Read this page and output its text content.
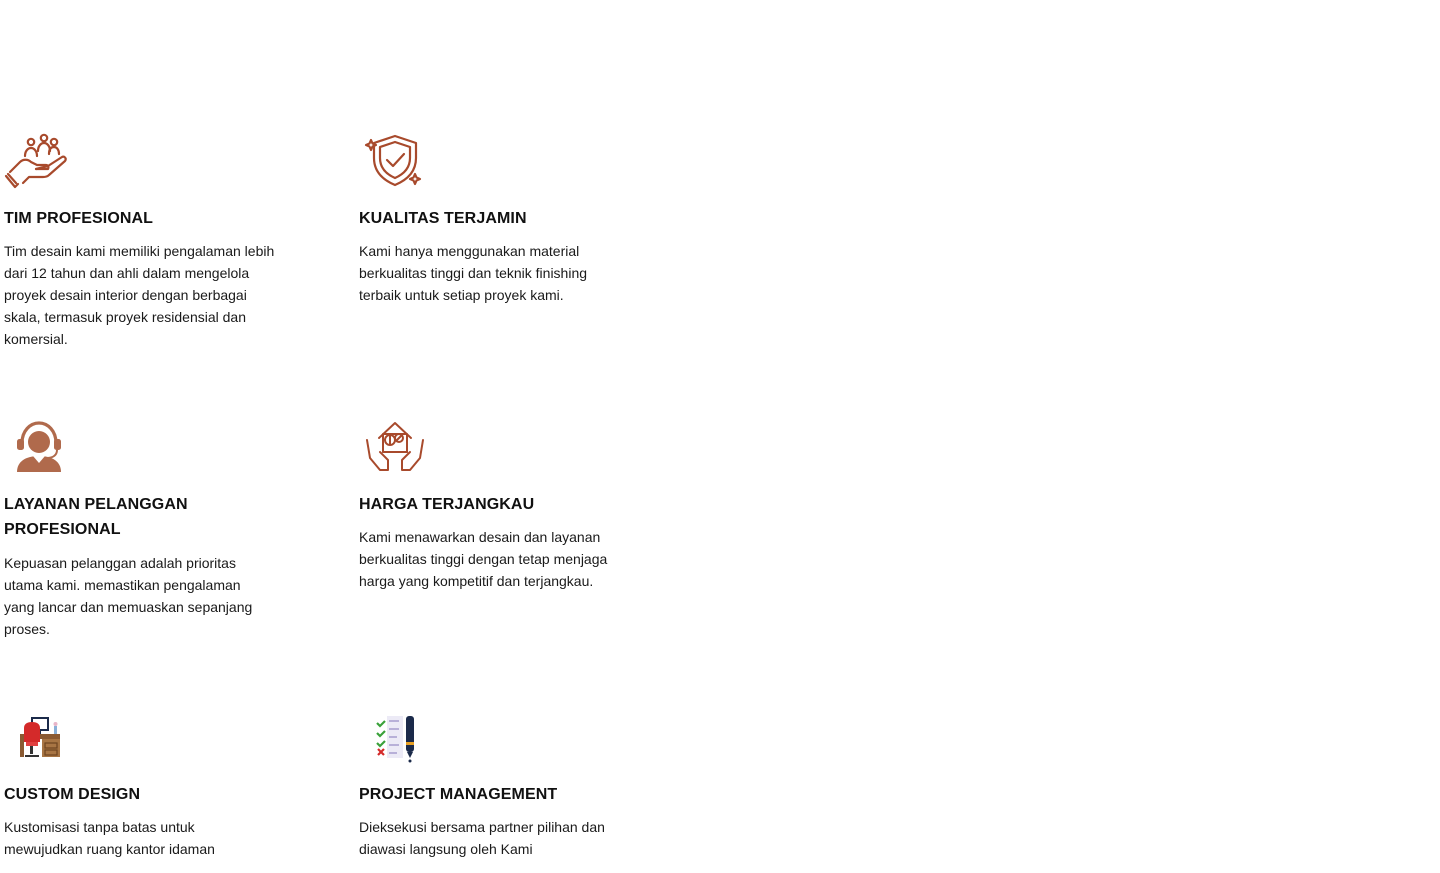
TIM PROFESIONAL

Tim desain kami memiliki pengalaman lebih dari 12 tahun dan ahli dalam mengelola proyek desain interior dengan berbagai skala, termasuk proyek residensial dan komersial.

KUALITAS TERJAMIN

Kami hanya menggunakan material berkualitas tinggi dan teknik finishing terbaik untuk setiap proyek kami.

LAYANAN PELANGGAN PROFESIONAL

Kepuasan pelanggan adalah prioritas utama kami. memastikan pengalaman yang lancar dan memuaskan sepanjang proses.

HARGA TERJANGKAU

Kami menawarkan desain dan layanan berkualitas tinggi dengan tetap menjaga harga yang kompetitif dan terjangkau.

CUSTOM DESIGN

Kustomisasi tanpa batas untuk mewujudkan ruang kantor idaman

PROJECT MANAGEMENT

Dieksekusi bersama partner pilihan dan diawasi langsung oleh Kami
